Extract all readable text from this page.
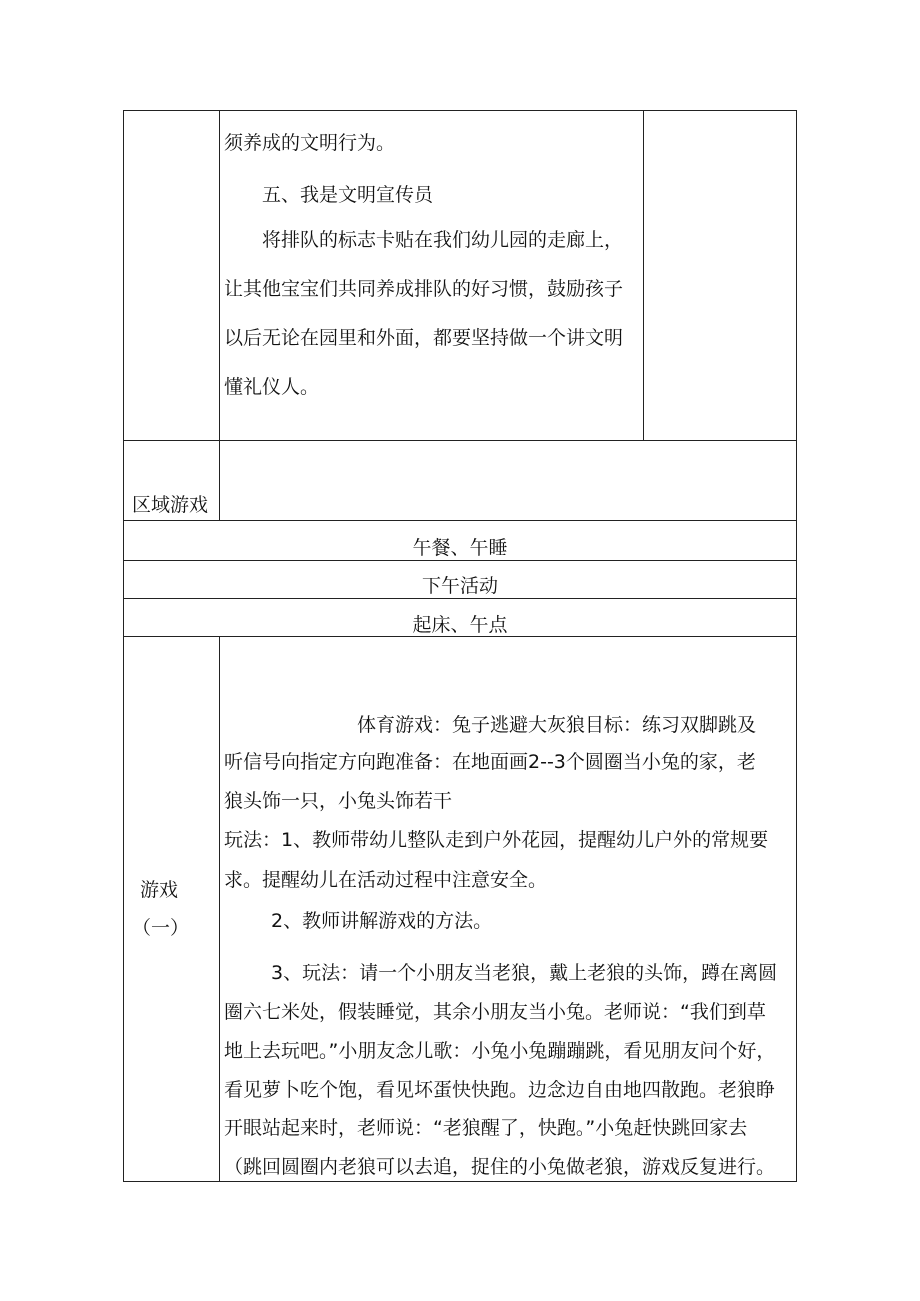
须养成的文明行为。
五、我是文明宣传员
将排队的标志卡贴在我们幼儿园的走廊上，
让其他宝宝们共同养成排队的好习惯，鼓励孩子
以后无论在园里和外面，都要坚持做一个讲文明
懂礼仪人。
区域游戏
午餐、午睡
下午活动
起床、午点
游戏
（一）
体育游戏：兔子逃避大灰狼目标：练习双脚跳及
听信号向指定方向跑准备：在地面画2--3个圆圈当小兔的家，老
狼头饰一只，小兔头饰若干
玩法：1、教师带幼儿整队走到户外花园，提醒幼儿户外的常规要
求。提醒幼儿在活动过程中注意安全。
2、教师讲解游戏的方法。
3、玩法：请一个小朋友当老狼，戴上老狼的头饰，蹲在离圆
圈六七米处，假装睡觉，其余小朋友当小兔。老师说：“我们到草
地上去玩吧。”小朋友念儿歌：小兔小兔蹦蹦跳，看见朋友问个好，
看见萝卜吃个饱，看见坏蛋快快跑。边念边自由地四散跑。老狼睁
开眼站起来时，老师说：“老狼醒了，快跑。”小兔赶快跳回家去
（跳回圆圈内老狼可以去追，捉住的小兔做老狼，游戏反复进行。
